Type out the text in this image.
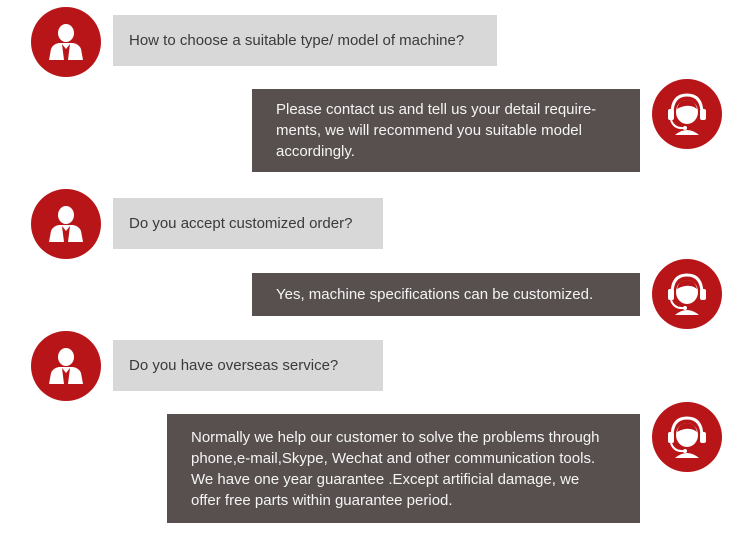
How to choose a suitable type/ model of machine?
Please contact us and tell us your detail require-
ments, we will recommend you suitable model
accordingly.
Do you accept customized order?
Yes, machine specifications can be customized.
Do you have overseas service?
Normally we help our customer to solve the problems through
phone,e-mail,Skype, Wechat and other communication tools.
We have one year guarantee .Except artificial damage, we
offer free parts within guarantee period.
